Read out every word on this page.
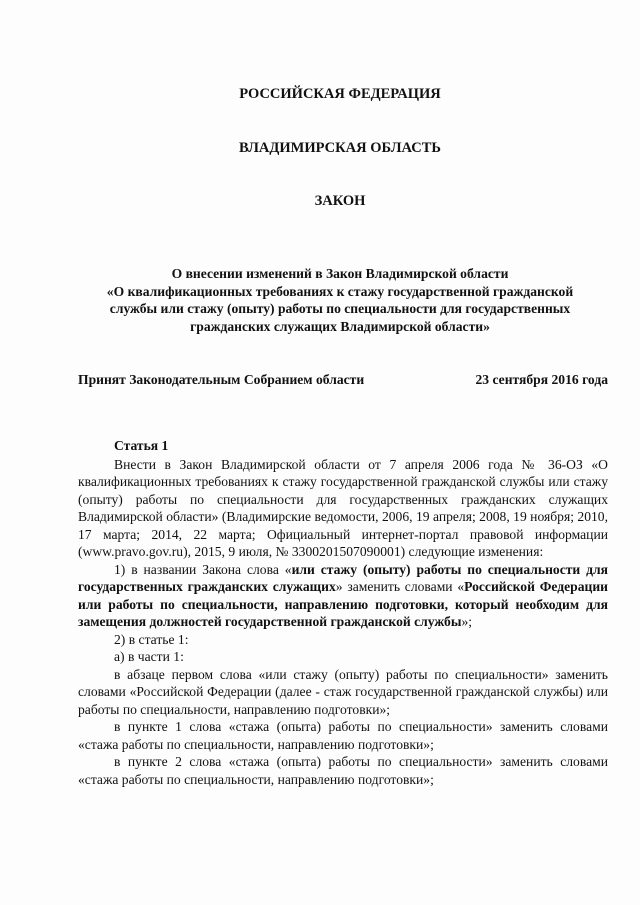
РОССИЙСКАЯ ФЕДЕРАЦИЯ

ВЛАДИМИРСКАЯ ОБЛАСТЬ

ЗАКОН

О внесении изменений в Закон Владимирской области
«О квалификационных требованиях к стажу государственной гражданской
службы или стажу (опыту) работы по специальности для государственных
гражданских служащих Владимирской области»
Принят Законодательным Собранием области	23 сентября 2016 года

Статья 1

Внести в Закон Владимирской области от 7 апреля 2006 года № 36-ОЗ «О квалификационных требованиях к стажу государственной гражданской службы или стажу (опыту) работы по специальности для государственных гражданских служащих Владимирской области» (Владимирские ведомости, 2006, 19 апреля; 2008, 19 ноября; 2010, 17 марта; 2014, 22 марта; Официальный интернет-портал правовой информации (www.pravo.gov.ru), 2015, 9 июля, № 3300201507090001) следующие изменения:

1) в названии Закона слова «или стажу (опыту) работы по специальности для государственных гражданских служащих» заменить словами «Российской Федерации или работы по специальности, направлению подготовки, который необходим для замещения должностей государственной гражданской службы»;

2) в статье 1:

а) в части 1:

в абзаце первом слова «или стажу (опыту) работы по специальности» заменить словами «Российской Федерации (далее - стаж государственной гражданской службы) или работы по специальности, направлению подготовки»;

в пункте 1 слова «стажа (опыта) работы по специальности» заменить словами «стажа работы по специальности, направлению подготовки»;

в пункте 2 слова «стажа (опыта) работы по специальности» заменить словами «стажа работы по специальности, направлению подготовки»;
